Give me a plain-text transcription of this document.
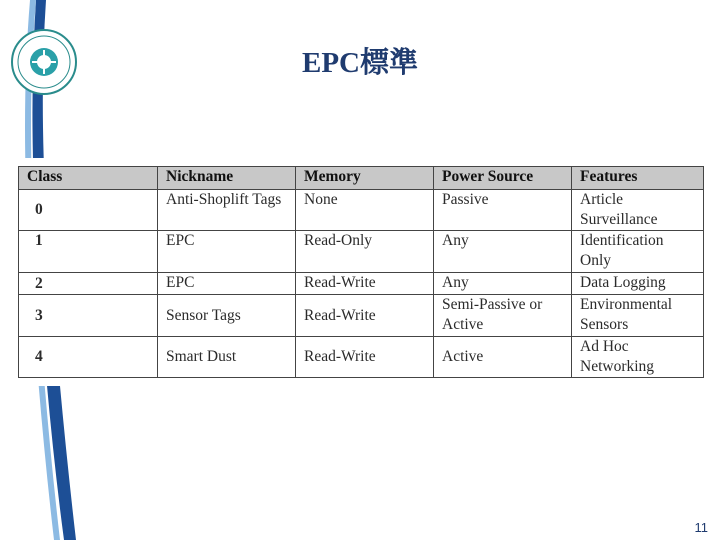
EPC標準
Class	Nickname	Memory	Power Source	Features
0	Anti-Shoplift Tags	None	Passive	Article Surveillance
1	EPC	Read-Only	Any	Identification Only
2	EPC	Read-Write	Any	Data Logging
3	Sensor Tags	Read-Write	Semi-Passive or Active	Environmental Sensors
4	Smart Dust	Read-Write	Active	Ad Hoc Networking
11
